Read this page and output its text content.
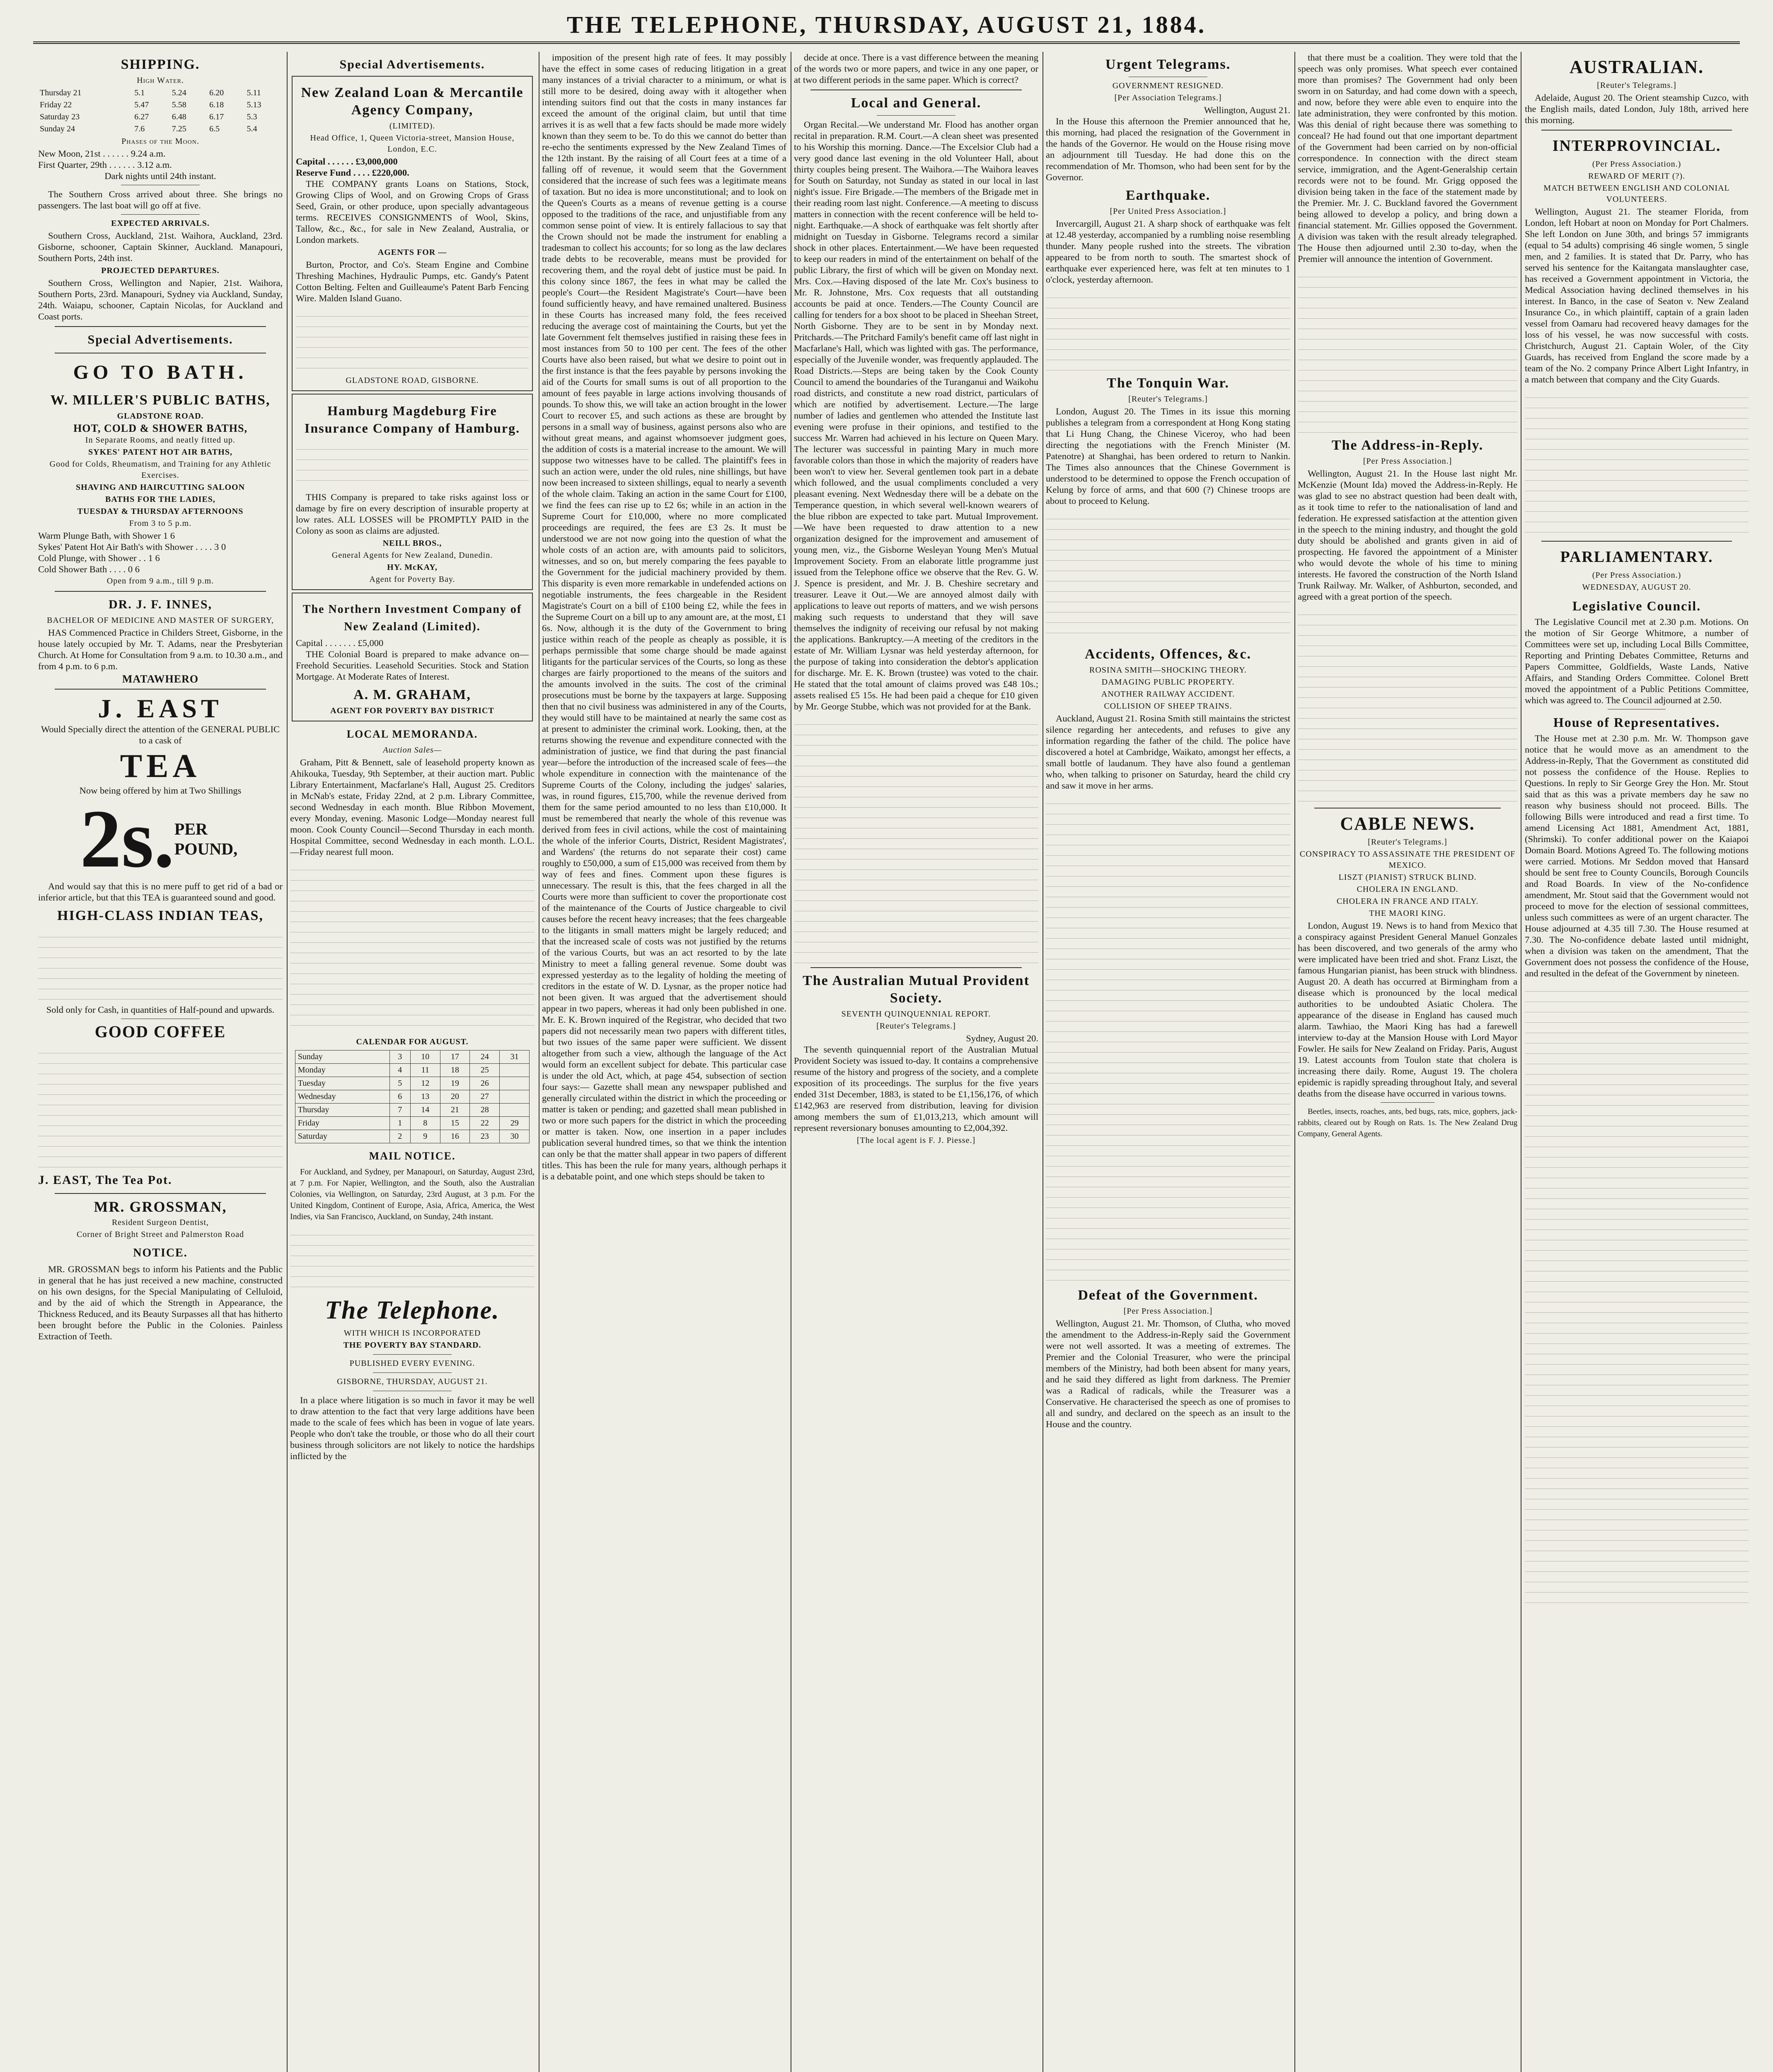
THE TELEPHONE, THURSDAY, AUGUST 21, 1884.
SHIPPING.
High Water.
Thursday 21	5.1	5.24	6.20	5.11
Friday 22	5.47	5.58	6.18	5.13
Saturday 23	6.27	6.48	6.17	5.3
Sunday 24	7.6	7.25	6.5	5.4
Phases of the Moon.
New Moon, 21st . . . . . . 9.24 a.m.
First Quarter, 29th . . . . . . 3.12 a.m.
Dark nights until 24th instant.

The Southern Cross arrived about three. She brings no passengers. The last boat will go off at five.

EXPECTED ARRIVALS.

Southern Cross, Auckland, 21st. Waihora, Auckland, 23rd. Gisborne, schooner, Captain Skinner, Auckland. Manapouri, Southern Ports, 24th inst.

PROJECTED DEPARTURES.

Southern Cross, Wellington and Napier, 21st. Waihora, Southern Ports, 23rd. Manapouri, Sydney via Auckland, Sunday, 24th. Waiapu, schooner, Captain Nicolas, for Auckland and Coast ports.

Special Advertisements.
GO TO BATH.
W. MILLER'S PUBLIC BATHS,
GLADSTONE ROAD.
HOT, COLD & SHOWER BATHS,
In Separate Rooms, and neatly fitted up.
SYKES' PATENT HOT AIR BATHS,
Good for Colds, Rheumatism, and Training for any Athletic Exercises.
SHAVING AND HAIRCUTTING SALOON
BATHS FOR THE LADIES,
TUESDAY & THURSDAY AFTERNOONS
From 3 to 5 p.m.
Warm Plunge Bath, with Shower 1 6
Sykes' Patent Hot Air Bath's with Shower . . . . 3 0
Cold Plunge, with Shower . . 1 6
Cold Shower Bath . . . . 0 6
Open from 9 a.m., till 9 p.m.
DR. J. F. INNES,
BACHELOR OF MEDICINE AND MASTER OF SURGERY,

HAS Commenced Practice in Childers Street, Gisborne, in the house lately occupied by Mr. T. Adams, near the Presbyterian Church. At Home for Consultation from 9 a.m. to 10.30 a.m., and from 4 p.m. to 6 p.m.

MATAWHERO
J. EAST

Would Specially direct the attention of the GENERAL PUBLIC to a cask of

TEA

Now being offered by him at Two Shillings

2s. PER POUND,

And would say that this is no mere puff to get rid of a bad or inferior article, but that this TEA is guaranteed sound and good.

HIGH-CLASS INDIAN TEAS,

Sold only for Cash, in quantities of Half-pound and upwards.

GOOD COFFEE
J. EAST, The Tea Pot.
MR. GROSSMAN,
Resident Surgeon Dentist,
Corner of Bright Street and Palmerston Road
NOTICE.

MR. GROSSMAN begs to inform his Patients and the Public in general that he has just received a new machine, constructed on his own designs, for the Special Manipulating of Celluloid, and by the aid of which the Strength in Appearance, the Thickness Reduced, and its Beauty Surpasses all that has hitherto been brought before the Public in the Colonies. Painless Extraction of Teeth.

Special Advertisements.
New Zealand Loan & Mercantile Agency Company,
(LIMITED).
Head Office, 1, Queen Victoria-street, Mansion House, London, E.C.
Capital . . . . . . £3,000,000
Reserve Fund . . . . £220,000.

THE COMPANY grants Loans on Stations, Stock, Growing Clips of Wool, and on Growing Crops of Grass Seed, Grain, or other produce, upon specially advantageous terms. RECEIVES CONSIGNMENTS of Wool, Skins, Tallow, &c., &c., for sale in New Zealand, Australia, or London markets.

AGENTS FOR —

Burton, Proctor, and Co's. Steam Engine and Combine Threshing Machines, Hydraulic Pumps, etc. Gandy's Patent Cotton Belting. Felten and Guilleaume's Patent Barb Fencing Wire. Malden Island Guano.

GLADSTONE ROAD, GISBORNE.
Hamburg Magdeburg Fire Insurance Company of Hamburg.

THIS Company is prepared to take risks against loss or damage by fire on every description of insurable property at low rates. ALL LOSSES will be PROMPTLY PAID in the Colony as soon as claims are adjusted.

NEILL BROS.,
General Agents for New Zealand, Dunedin.
HY. McKAY,
Agent for Poverty Bay.
The Northern Investment Company of New Zealand (Limited).
Capital . . . . . . . £5,000

THE Colonial Board is prepared to make advance on— Freehold Securities. Leasehold Securities. Stock and Station Mortgage. At Moderate Rates of Interest.

A. M. GRAHAM,
AGENT FOR POVERTY BAY DISTRICT
LOCAL MEMORANDA.
Auction Sales—

Graham, Pitt & Bennett, sale of leasehold property known as Ahikouka, Tuesday, 9th September, at their auction mart. Public Library Entertainment, Macfarlane's Hall, August 25. Creditors in McNab's estate, Friday 22nd, at 2 p.m. Library Committee, second Wednesday in each month. Blue Ribbon Movement, every Monday, evening. Masonic Lodge—Monday nearest full moon. Cook County Council—Second Thursday in each month. Hospital Committee, second Wednesday in each month. L.O.L.—Friday nearest full moon.

CALENDAR FOR AUGUST.
Sunday	3	10	17	24	31
Monday	4	11	18	25	
Tuesday	5	12	19	26	
Wednesday	6	13	20	27	
Thursday	7	14	21	28	
Friday	1	8	15	22	29
Saturday	2	9	16	23	30
MAIL NOTICE.

For Auckland, and Sydney, per Manapouri, on Saturday, August 23rd, at 7 p.m. For Napier, Wellington, and the South, also the Australian Colonies, via Wellington, on Saturday, 23rd August, at 3 p.m. For the United Kingdom, Continent of Europe, Asia, Africa, America, the West Indies, via San Francisco, Auckland, on Sunday, 24th instant.

The Telephone.
WITH WHICH IS INCORPORATED
THE POVERTY BAY STANDARD.
PUBLISHED EVERY EVENING.
GISBORNE, THURSDAY, AUGUST 21.

In a place where litigation is so much in favor it may be well to draw attention to the fact that very large additions have been made to the scale of fees which has been in vogue of late years. People who don't take the trouble, or those who do all their court business through solicitors are not likely to notice the hardships inflicted by the

imposition of the present high rate of fees. It may possibly have the effect in some cases of reducing litigation in a great many instances of a trivial character to a minimum, or what is still more to be desired, doing away with it altogether when intending suitors find out that the costs in many instances far exceed the amount of the original claim, but until that time arrives it is as well that a few facts should be made more widely known than they seem to be. To do this we cannot do better than re-echo the sentiments expressed by the New Zealand Times of the 12th instant. By the raising of all Court fees at a time of a falling off of revenue, it would seem that the Government considered that the increase of such fees was a legitimate means of taxation. But no idea is more unconstitutional; and to look on the Queen's Courts as a means of revenue getting is a course opposed to the traditions of the race, and unjustifiable from any common sense point of view. It is entirely fallacious to say that the Crown should not be made the instrument for enabling a tradesman to collect his accounts; for so long as the law declares trade debts to be recoverable, means must be provided for recovering them, and the royal debt of justice must be paid. In this colony since 1867, the fees in what may be called the people's Court—the Resident Magistrate's Court—have been found sufficiently heavy, and have remained unaltered. Business in these Courts has increased many fold, the fees received reducing the average cost of maintaining the Courts, but yet the late Government felt themselves justified in raising these fees in most instances from 50 to 100 per cent. The fees of the other Courts have also been raised, but what we desire to point out in the first instance is that the fees payable by persons invoking the aid of the Courts for small sums is out of all proportion to the amount of fees payable in large actions involving thousands of pounds. To show this, we will take an action brought in the lower Court to recover £5, and such actions as these are brought by persons in a small way of business, against persons also who are without great means, and against whomsoever judgment goes, the addition of costs is a material increase to the amount. We will suppose two witnesses have to be called. The plaintiff's fees in such an action were, under the old rules, nine shillings, but have now been increased to sixteen shillings, equal to nearly a seventh of the whole claim. Taking an action in the same Court for £100, we find the fees can rise up to £2 6s; while in an action in the Supreme Court for £10,000, where no more complicated proceedings are required, the fees are £3 2s. It must be understood we are not now going into the question of what the whole costs of an action are, with amounts paid to solicitors, witnesses, and so on, but merely comparing the fees payable to the Government for the judicial machinery provided by them. This disparity is even more remarkable in undefended actions on negotiable instruments, the fees chargeable in the Resident Magistrate's Court on a bill of £100 being £2, while the fees in the Supreme Court on a bill up to any amount are, at the most, £1 6s. Now, although it is the duty of the Government to bring justice within reach of the people as cheaply as possible, it is perhaps permissible that some charge should be made against litigants for the particular services of the Courts, so long as these charges are fairly proportioned to the means of the suitors and the amounts involved in the suits. The cost of the criminal prosecutions must be borne by the taxpayers at large. Supposing then that no civil business was administered in any of the Courts, they would still have to be maintained at nearly the same cost as at present to administer the criminal work. Looking, then, at the returns showing the revenue and expenditure connected with the administration of justice, we find that during the past financial year—before the introduction of the increased scale of fees—the whole expenditure in connection with the maintenance of the Supreme Courts of the Colony, including the judges' salaries, was, in round figures, £15,700, while the revenue derived from them for the same period amounted to no less than £10,000. It must be remembered that nearly the whole of this revenue was derived from fees in civil actions, while the cost of maintaining the whole of the inferior Courts, District, Resident Magistrates', and Wardens' (the returns do not separate their cost) came roughly to £50,000, a sum of £15,000 was received from them by way of fees and fines. Comment upon these figures is unnecessary. The result is this, that the fees charged in all the Courts were more than sufficient to cover the proportionate cost of the maintenance of the Courts of Justice chargeable to civil causes before the recent heavy increases; that the fees chargeable to the litigants in small matters might be largely reduced; and that the increased scale of costs was not justified by the returns of the various Courts, but was an act resorted to by the late Ministry to meet a falling general revenue. Some doubt was expressed yesterday as to the legality of holding the meeting of creditors in the estate of W. D. Lysnar, as the proper notice had not been given. It was argued that the advertisement should appear in two papers, whereas it had only been published in one. Mr. E. K. Brown inquired of the Registrar, who decided that two papers did not necessarily mean two papers with different titles, but two issues of the same paper were sufficient. We dissent altogether from such a view, although the language of the Act would form an excellent subject for debate. This particular case is under the old Act, which, at page 454, subsection of section four says:— Gazette shall mean any newspaper published and generally circulated within the district in which the proceeding or matter is taken or pending; and gazetted shall mean published in two or more such papers for the district in which the proceeding or matter is taken. Now, one insertion in a paper includes publication several hundred times, so that we think the intention can only be that the matter shall appear in two papers of different titles. This has been the rule for many years, although perhaps it is a debatable point, and one which steps should be taken to

decide at once. There is a vast difference between the meaning of the words two or more papers, and twice in any one paper, or at two different periods in the same paper. Which is correct?

Local and General.

Organ Recital.—We understand Mr. Flood has another organ recital in preparation. R.M. Court.—A clean sheet was presented to his Worship this morning. Dance.—The Excelsior Club had a very good dance last evening in the old Volunteer Hall, about thirty couples being present. The Waihora.—The Waihora leaves for South on Saturday, not Sunday as stated in our local in last night's issue. Fire Brigade.—The members of the Brigade met in their reading room last night. Conference.—A meeting to discuss matters in connection with the recent conference will be held to-night. Earthquake.—A shock of earthquake was felt shortly after midnight on Tuesday in Gisborne. Telegrams record a similar shock in other places. Entertainment.—We have been requested to keep our readers in mind of the entertainment on behalf of the public Library, the first of which will be given on Monday next. Mrs. Cox.—Having disposed of the late Mr. Cox's business to Mr. R. Johnstone, Mrs. Cox requests that all outstanding accounts be paid at once. Tenders.—The County Council are calling for tenders for a box shoot to be placed in Sheehan Street, North Gisborne. They are to be sent in by Monday next. Pritchards.—The Pritchard Family's benefit came off last night in Macfarlane's Hall, which was lighted with gas. The performance, especially of the Juvenile wonder, was frequently applauded. The Road Districts.—Steps are being taken by the Cook County Council to amend the boundaries of the Turanganui and Waikohu road districts, and constitute a new road district, particulars of which are notified by advertisement. Lecture.—The large number of ladies and gentlemen who attended the Institute last evening were profuse in their opinions, and testified to the success Mr. Warren had achieved in his lecture on Queen Mary. The lecturer was successful in painting Mary in much more favorable colors than those in which the majority of readers have been won't to view her. Several gentlemen took part in a debate which followed, and the usual compliments concluded a very pleasant evening. Next Wednesday there will be a debate on the Temperance question, in which several well-known wearers of the blue ribbon are expected to take part. Mutual Improvement.—We have been requested to draw attention to a new organization designed for the improvement and amusement of young men, viz., the Gisborne Wesleyan Young Men's Mutual Improvement Society. From an elaborate little programme just issued from the Telephone office we observe that the Rev. G. W. J. Spence is president, and Mr. J. B. Cheshire secretary and treasurer. Leave it Out.—We are annoyed almost daily with applications to leave out reports of matters, and we wish persons making such requests to understand that they will save themselves the indignity of receiving our refusal by not making the applications. Bankruptcy.—A meeting of the creditors in the estate of Mr. William Lysnar was held yesterday afternoon, for the purpose of taking into consideration the debtor's application for discharge. Mr. E. K. Brown (trustee) was voted to the chair. He stated that the total amount of claims proved was £48 10s.; assets realised £5 15s. He had been paid a cheque for £10 given by Mr. George Stubbe, which was not provided for at the Bank.

The Australian Mutual Provident Society.
SEVENTH QUINQUENNIAL REPORT.
[Reuter's Telegrams.]
Sydney, August 20.

The seventh quinquennial report of the Australian Mutual Provident Society was issued to-day. It contains a comprehensive resume of the history and progress of the society, and a complete exposition of its proceedings. The surplus for the five years ended 31st December, 1883, is stated to be £1,156,176, of which £142,963 are reserved from distribution, leaving for division among members the sum of £1,013,213, which amount will represent reversionary bonuses amounting to £2,004,392.

[The local agent is F. J. Piesse.]
Urgent Telegrams.
GOVERNMENT RESIGNED.
[Per Association Telegrams.]
Wellington, August 21.

In the House this afternoon the Premier announced that he, this morning, had placed the resignation of the Government in the hands of the Governor. He would on the House rising move an adjournment till Tuesday. He had done this on the recommendation of Mr. Thomson, who had been sent for by the Governor.

Earthquake.
[Per United Press Association.]

Invercargill, August 21. A sharp shock of earthquake was felt at 12.48 yesterday, accompanied by a rumbling noise resembling thunder. Many people rushed into the streets. The vibration appeared to be from north to south. The smartest shock of earthquake ever experienced here, was felt at ten minutes to 1 o'clock, yesterday afternoon.

The Tonquin War.
[Reuter's Telegrams.]

London, August 20. The Times in its issue this morning publishes a telegram from a correspondent at Hong Kong stating that Li Hung Chang, the Chinese Viceroy, who had been directing the negotiations with the French Minister (M. Patenotre) at Shanghai, has been ordered to return to Nankin. The Times also announces that the Chinese Government is understood to be determined to oppose the French occupation of Kelung by force of arms, and that 600 (?) Chinese troops are about to proceed to Kelung.

Accidents, Offences, &c.
ROSINA SMITH—SHOCKING THEORY.
DAMAGING PUBLIC PROPERTY.
ANOTHER RAILWAY ACCIDENT.
COLLISION OF SHEEP TRAINS.

Auckland, August 21. Rosina Smith still maintains the strictest silence regarding her antecedents, and refuses to give any information regarding the father of the child. The police have discovered a hotel at Cambridge, Waikato, amongst her effects, a small bottle of laudanum. They have also found a gentleman who, when talking to prisoner on Saturday, heard the child cry and saw it move in her arms.

Defeat of the Government.
[Per Press Association.]

Wellington, August 21. Mr. Thomson, of Clutha, who moved the amendment to the Address-in-Reply said the Government were not well assorted. It was a meeting of extremes. The Premier and the Colonial Treasurer, who were the principal members of the Ministry, had both been absent for many years, and he said they differed as light from darkness. The Premier was a Radical of radicals, while the Treasurer was a Conservative. He characterised the speech as one of promises to all and sundry, and declared on the speech as an insult to the House and the country.

that there must be a coalition. They were told that the speech was only promises. What speech ever contained more than promises? The Government had only been sworn in on Saturday, and had come down with a speech, and now, before they were able even to enquire into the late administration, they were confronted by this motion. Was this denial of right because there was something to conceal? He had found out that one important department of the Government had been carried on by non-official correspondence. In connection with the direct steam service, immigration, and the Agent-Generalship certain records were not to be found. Mr. Grigg opposed the division being taken in the face of the statement made by the Premier. Mr. J. C. Buckland favored the Government being allowed to develop a policy, and bring down a financial statement. Mr. Gillies opposed the Government. A division was taken with the result already telegraphed. The House then adjourned until 2.30 to-day, when the Premier will announce the intention of Government.

The Address-in-Reply.
[Per Press Association.]

Wellington, August 21. In the House last night Mr. McKenzie (Mount Ida) moved the Address-in-Reply. He was glad to see no abstract question had been dealt with, as it took time to refer to the nationalisation of land and federation. He expressed satisfaction at the attention given in the speech to the mining industry, and thought the gold duty should be abolished and grants given in aid of prospecting. He favored the appointment of a Minister who would devote the whole of his time to mining interests. He favored the construction of the North Island Trunk Railway. Mr. Walker, of Ashburton, seconded, and agreed with a great portion of the speech.

CABLE NEWS.
[Reuter's Telegrams.]
CONSPIRACY TO ASSASSINATE THE PRESIDENT OF MEXICO.
LISZT (PIANIST) STRUCK BLIND.
CHOLERA IN ENGLAND.
CHOLERA IN FRANCE AND ITALY.
THE MAORI KING.

London, August 19. News is to hand from Mexico that a conspiracy against President General Manuel Gonzales has been discovered, and two generals of the army who were implicated have been tried and shot. Franz Liszt, the famous Hungarian pianist, has been struck with blindness. August 20. A death has occurred at Birmingham from a disease which is pronounced by the local medical authorities to be undoubted Asiatic Cholera. The appearance of the disease in England has caused much alarm. Tawhiao, the Maori King has had a farewell interview to-day at the Mansion House with Lord Mayor Fowler. He sails for New Zealand on Friday. Paris, August 19. Latest accounts from Toulon state that cholera is increasing there daily. Rome, August 19. The cholera epidemic is rapidly spreading throughout Italy, and several deaths from the disease have occurred in various towns.

Beetles, insects, roaches, ants, bed bugs, rats, mice, gophers, jack-rabbits, cleared out by Rough on Rats. 1s. The New Zealand Drug Company, General Agents.

AUSTRALIAN.
[Reuter's Telegrams.]

Adelaide, August 20. The Orient steamship Cuzco, with the English mails, dated London, July 18th, arrived here this morning.

INTERPROVINCIAL.
(Per Press Association.)
REWARD OF MERIT (?).
MATCH BETWEEN ENGLISH AND COLONIAL VOLUNTEERS.

Wellington, August 21. The steamer Florida, from London, left Hobart at noon on Monday for Port Chalmers. She left London on June 30th, and brings 57 immigrants (equal to 54 adults) comprising 46 single women, 5 single men, and 2 families. It is stated that Dr. Parry, who has served his sentence for the Kaitangata manslaughter case, has received a Government appointment in Victoria, the Medical Association having declined themselves in his interest. In Banco, in the case of Seaton v. New Zealand Insurance Co., in which plaintiff, captain of a grain laden vessel from Oamaru had recovered heavy damages for the loss of his vessel, he was now successful with costs. Christchurch, August 21. Captain Woler, of the City Guards, has received from England the score made by a team of the No. 2 company Prince Albert Light Infantry, in a match between that company and the City Guards.

PARLIAMENTARY.
(Per Press Association.)
WEDNESDAY, AUGUST 20.
Legislative Council.

The Legislative Council met at 2.30 p.m. Motions. On the motion of Sir George Whitmore, a number of Committees were set up, including Local Bills Committee, Reporting and Printing Debates Committee, Returns and Papers Committee, Goldfields, Waste Lands, Native Affairs, and Standing Orders Committee. Colonel Brett moved the appointment of a Public Petitions Committee, which was agreed to. The Council adjourned at 2.50.

House of Representatives.

The House met at 2.30 p.m. Mr. W. Thompson gave notice that he would move as an amendment to the Address-in-Reply, That the Government as constituted did not possess the confidence of the House. Replies to Questions. In reply to Sir George Grey the Hon. Mr. Stout said that as this was a private members day he saw no reason why business should not proceed. Bills. The following Bills were introduced and read a first time. To amend Licensing Act 1881, Amendment Act, 1881, (Shrimski). To confer additional power on the Kaiapoi Domain Board. Motions Agreed To. The following motions were carried. Motions. Mr Seddon moved that Hansard should be sent free to County Councils, Borough Councils and Road Boards. In view of the No-confidence amendment, Mr. Stout said that the Government would not proceed to move for the election of sessional committees, unless such committees as were of an urgent character. The House adjourned at 4.35 till 7.30. The House resumed at 7.30. The No-confidence debate lasted until midnight, when a division was taken on the amendment, That the Government does not possess the confidence of the House, and resulted in the defeat of the Government by nineteen.
